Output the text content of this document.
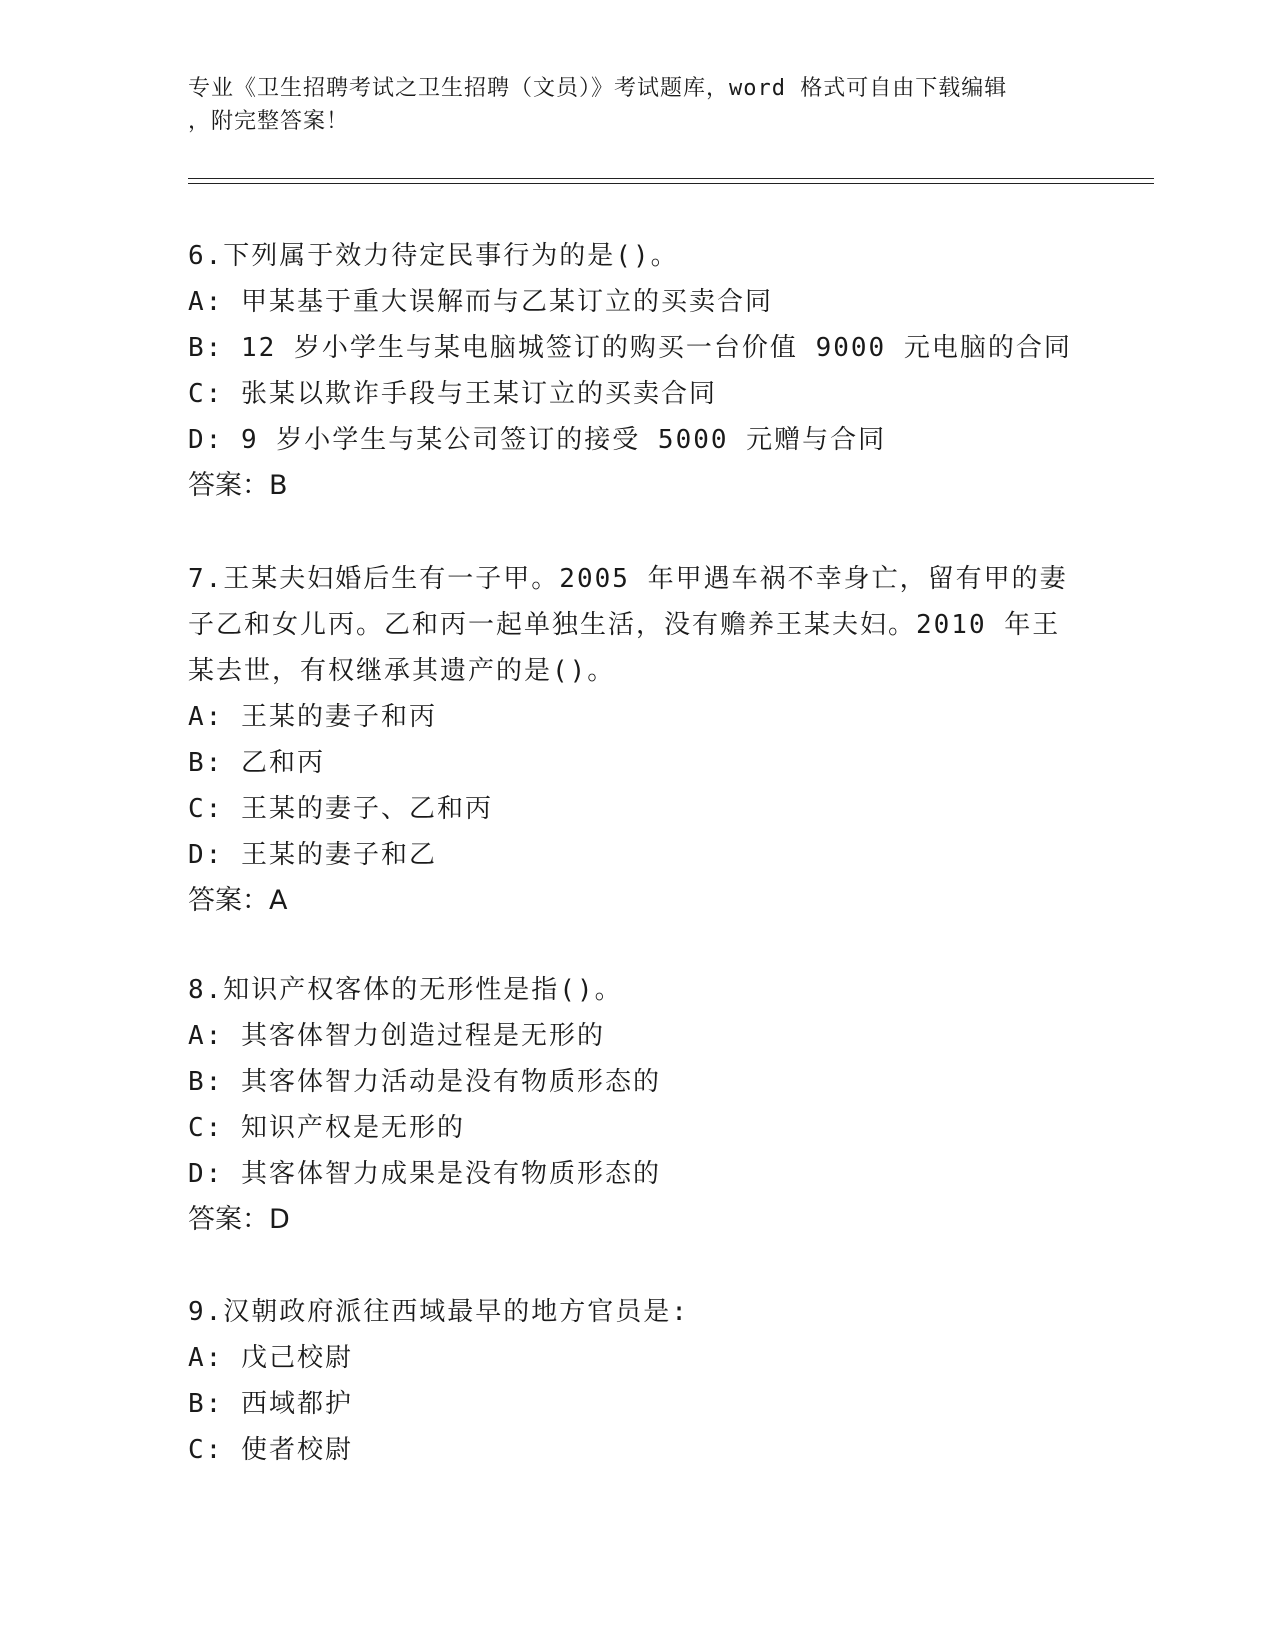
专业《卫生招聘考试之卫生招聘（文员）》考试题库，word 格式可自由下载编辑
，附完整答案！
6.下列属于效力待定民事行为的是()。
A: 甲某基于重大误解而与乙某订立的买卖合同
B: 12 岁小学生与某电脑城签订的购买一台价值 9000 元电脑的合同
C: 张某以欺诈手段与王某订立的买卖合同
D: 9 岁小学生与某公司签订的接受 5000 元赠与合同
答案：B
7.王某夫妇婚后生有一子甲。2005 年甲遇车祸不幸身亡，留有甲的妻
子乙和女儿丙。乙和丙一起单独生活，没有赡养王某夫妇。2010 年王
某去世，有权继承其遗产的是()。
A: 王某的妻子和丙
B: 乙和丙
C: 王某的妻子、乙和丙
D: 王某的妻子和乙
答案：A
8.知识产权客体的无形性是指()。
A: 其客体智力创造过程是无形的
B: 其客体智力活动是没有物质形态的
C: 知识产权是无形的
D: 其客体智力成果是没有物质形态的
答案：D
9.汉朝政府派往西域最早的地方官员是:
A: 戊己校尉
B: 西域都护
C: 使者校尉
